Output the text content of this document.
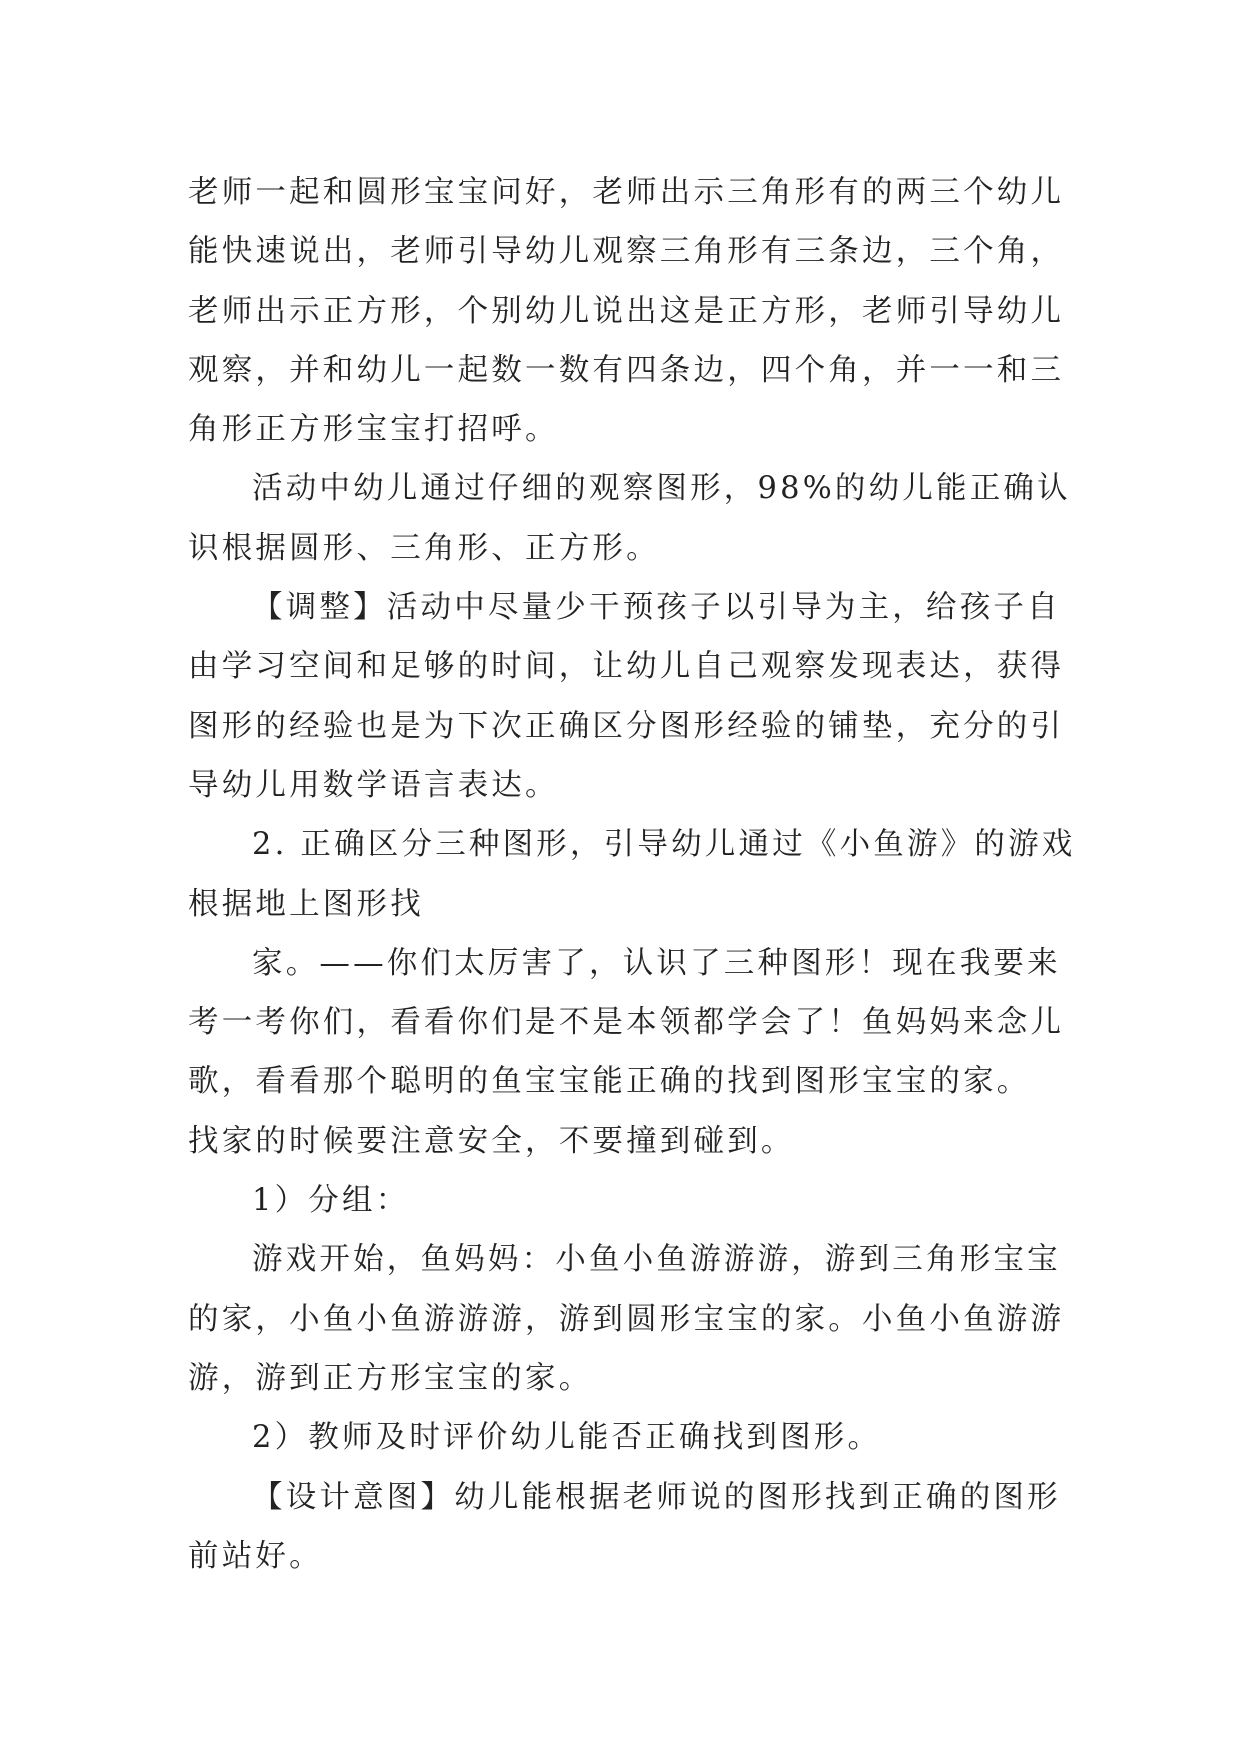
老师一起和圆形宝宝问好，老师出示三角形有的两三个幼儿
能快速说出，老师引导幼儿观察三角形有三条边，三个角，
老师出示正方形，个别幼儿说出这是正方形，老师引导幼儿
观察，并和幼儿一起数一数有四条边，四个角，并一一和三
角形正方形宝宝打招呼。
活动中幼儿通过仔细的观察图形，98%的幼儿能正确认
识根据圆形、三角形、正方形。
【调整】活动中尽量少干预孩子以引导为主，给孩子自
由学习空间和足够的时间，让幼儿自己观察发现表达，获得
图形的经验也是为下次正确区分图形经验的铺垫，充分的引
导幼儿用数学语言表达。
2. 正确区分三种图形，引导幼儿通过《小鱼游》的游戏
根据地上图形找
家。——你们太厉害了，认识了三种图形！现在我要来
考一考你们，看看你们是不是本领都学会了！鱼妈妈来念儿
歌，看看那个聪明的鱼宝宝能正确的找到图形宝宝的家。
找家的时候要注意安全，不要撞到碰到。
1）分组：
游戏开始，鱼妈妈：小鱼小鱼游游游，游到三角形宝宝
的家，小鱼小鱼游游游，游到圆形宝宝的家。小鱼小鱼游游
游，游到正方形宝宝的家。
2）教师及时评价幼儿能否正确找到图形。
【设计意图】幼儿能根据老师说的图形找到正确的图形
前站好。
